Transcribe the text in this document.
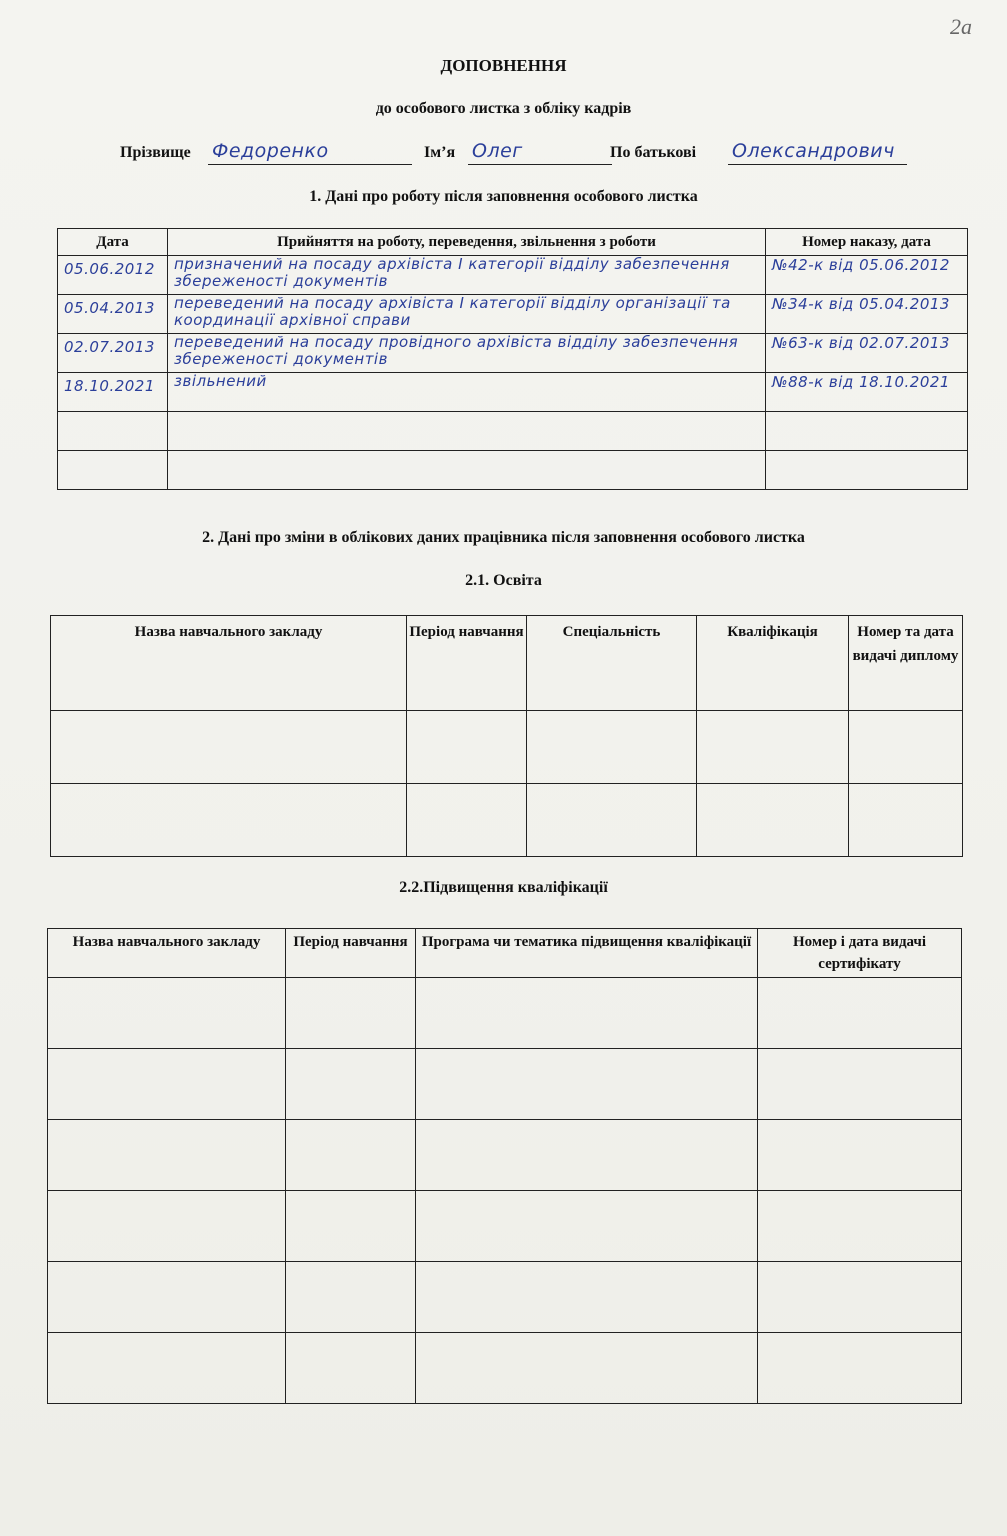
2а
ДОПОВНЕННЯ
до особового листка з обліку кадрів
Прізвище Федоренко	Ім’я Олег	По батькові Олександрович
1. Дані про роботу після заповнення особового листка
Дата	Прийняття на роботу, переведення, звільнення з роботи	Номер наказу, дата
05.06.2012	призначений на посаду архівіста І категорії відділу забезпечення збереженості документів	№42-к від 05.06.2012
05.04.2013	переведений на посаду архівіста І категорії відділу організації та координації архівної справи	№34-к від 05.04.2013
02.07.2013	переведений на посаду провідного архівіста відділу забезпечення збереженості документів	№63-к від 02.07.2013
18.10.2021	звільнений	№88-к від 18.10.2021

2. Дані про зміни в облікових даних працівника після заповнення особового листка
2.1. Освіта
Назва навчального закладу	Період навчання	Спеціальність	Кваліфікація	Номер та дата видачі диплому

2.2.Підвищення кваліфікації
Назва навчального закладу	Період навчання	Програма чи тематика підвищення кваліфікації	Номер і дата видачі сертифікату
